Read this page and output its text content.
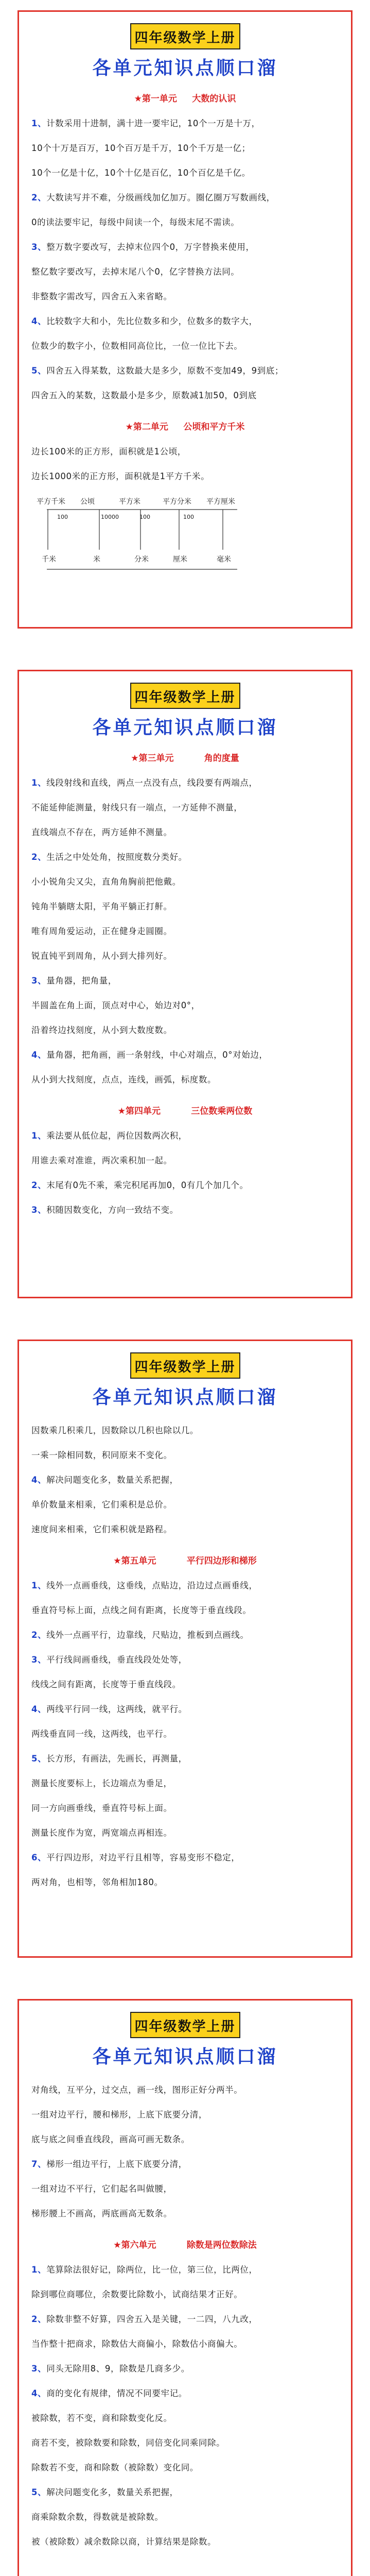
四年级数学上册
各单元知识点顺口溜
★第一单元     大数的认识
1、计数采用十进制，满十进一要牢记，10个一万是十万，
10个十万是百万，10个百万是千万，10个千万是一亿；
10个一亿是十亿，10个十亿是百亿，10个百亿是千亿。
2、大数读写并不难，分级画线加亿加万。圈亿圈万写数画线，
0的读法要牢记，每级中间读一个，每级末尾不需读。
3、整万数字要改写，去掉末位四个0，万字替换来使用，
整亿数字要改写，去掉末尾八个0，亿字替换方法同。
非整数字需改写，四舍五入来省略。
4、比较数字大和小，先比位数多和少，位数多的数字大，
位数少的数字小，位数相同高位比，一位一位比下去。
5、四舍五入得某数，这数最大是多少，原数不变加49，9到底；
四舍五入的某数，这数最小是多少，原数减1加50，0到底
★第二单元     公顷和平方千米
边长100米的正方形，面积就是1公顷，
边长1000米的正方形，面积就是1平方千米。
平方千米 公顷	平方米	平方分米 平方厘米
100	10000	100	100
千米	米	分米	厘米	毫米
四年级数学上册
各单元知识点顺口溜
★第三单元          角的度量
1、线段射线和直线，两点一点没有点，线段要有两端点，
不能延伸能测量，射线只有一端点，一方延伸不测量，
直线端点不存在，两方延伸不测量。
2、生活之中处处角，按照度数分类好。
小小锐角尖又尖，直角角胸前把他戴。
钝角半躺瞎太阳，平角平躺正打鼾。
唯有周角爱运动，正在健身走圆圈。
锐直钝平到周角，从小到大排列好。
3、量角器，把角量，
半圆盖在角上面，顶点对中心，始边对0°，
沿着终边找刻度，从小到大数度数。
4、量角器，把角画，画一条射线，中心对端点，0°对始边，
从小到大找刻度，点点，连线，画弧，标度数。
★第四单元          三位数乘两位数
1、乘法要从低位起，两位因数两次积，
用谁去乘对准谁，两次乘积加一起。
2、末尾有0先不乘，乘完积尾再加0，0有几个加几个。
3、积随因数变化，方向一致结不变。
四年级数学上册
各单元知识点顺口溜
因数乘几积乘几，因数除以几积也除以几。
一乘一除相同数，积同原来不变化。
4、解决问题变化多，数量关系把握，
单价数量来相乘，它们乘积是总价。
速度间来相乘，它们乘积就是路程。
★第五单元          平行四边形和梯形
1、线外一点画垂线，这垂线，点贴边，沿边过点画垂线，
垂直符号标上面，点线之间有距离，长度等于垂直线段。
2、线外一点画平行，边靠线，尺贴边，推板到点画线。
3、平行线间画垂线，垂直线段处处等，
线线之间有距离，长度等于垂直线段。
4、两线平行同一线，这两线，就平行。
两线垂直同一线，这两线，也平行。
5、长方形，有画法，先画长，再测量，
测量长度要标上，长边端点为垂足，
同一方向画垂线，垂直符号标上面。
测量长度作为宽，两宽端点再相连。
6、平行四边形，对边平行且相等，容易变形不稳定，
两对角，也相等，邻角相加180。
四年级数学上册
各单元知识点顺口溜
对角线，互平分，过交点，画一线，图形正好分两半。
一组对边平行，腰和梯形，上底下底要分清，
底与底之间垂直线段，画高可画无数条。
7、梯形一组边平行，上底下底要分清，
一组对边不平行，它们起名叫做腰，
梯形腰上不画高，两底画高无数条。
★第六单元          除数是两位数除法
1、笔算除法很好记，除两位，比一位，第三位，比两位，
除到哪位商哪位，余数要比除数小，试商结果才正好。
2、除数非整不好算，四舍五入是关键，一二四，八九改，
当作整十把商求，除数估大商偏小，除数估小商偏大。
3、同头无除用8、9，除数是几商多少。
4、商的变化有规律，情况不同要牢记。
被除数，若不变，商和除数变化反。
商若不变，被除数要和除数，同倍变化同乘同除。
除数若不变，商和除数（被除数）变化同。
5、解决问题变化多，数量关系把握，
商乘除数余数，得数就是被除数。
被（被除数）减余数除以商，计算结果是除数。
